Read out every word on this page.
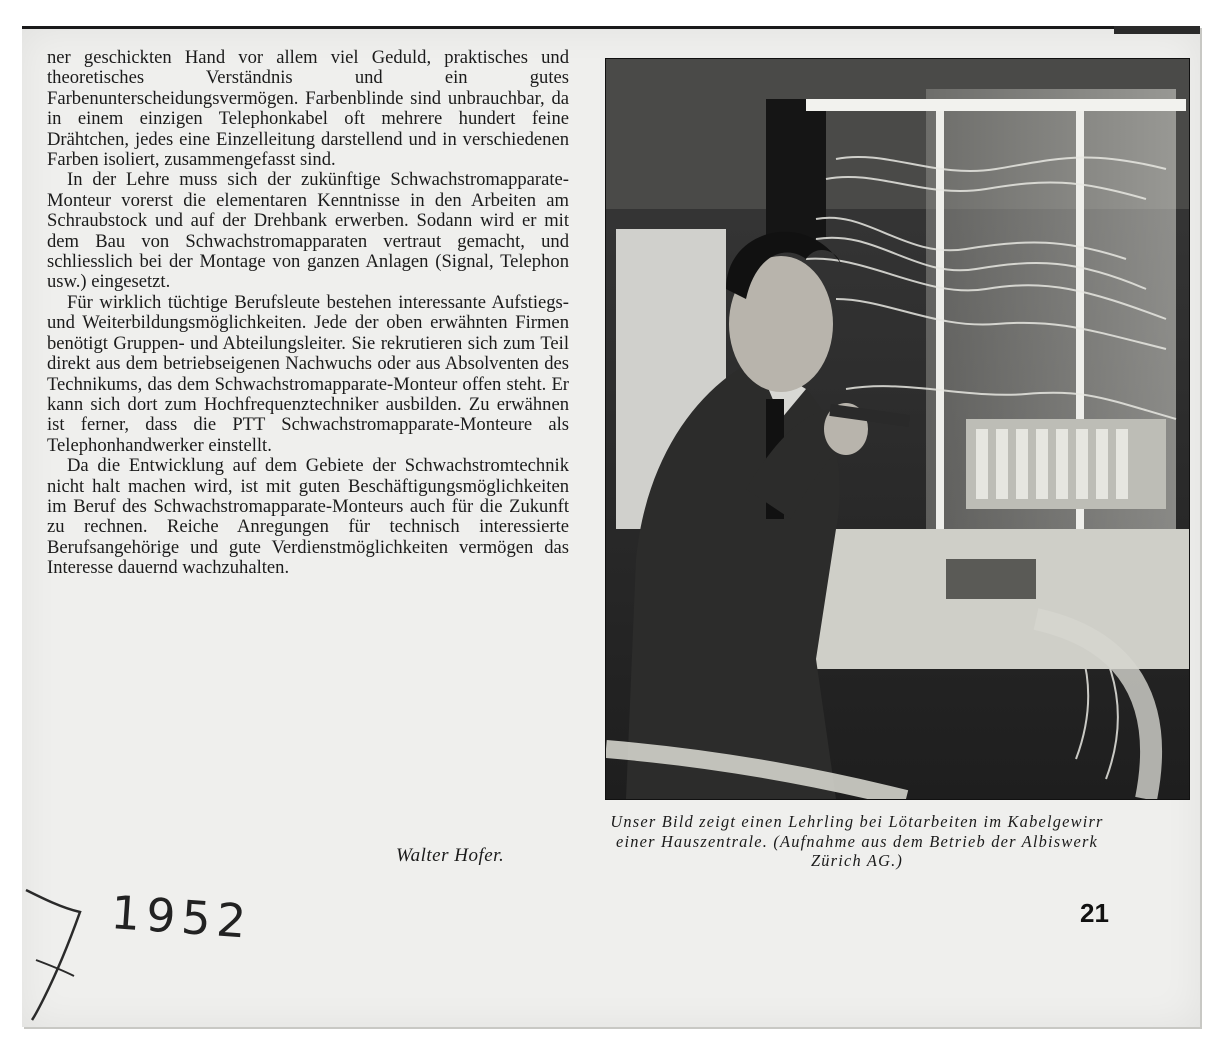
ner geschickten Hand vor allem viel Geduld, praktisches und theoretisches Verständnis und ein gutes Farbenunterscheidungsvermögen. Farbenblinde sind unbrauchbar, da in einem einzigen Telephonkabel oft mehrere hundert feine Drähtchen, jedes eine Einzelleitung darstellend und in verschiedenen Farben isoliert, zusammengefasst sind.

In der Lehre muss sich der zukünftige Schwachstromapparate-Monteur vorerst die elementaren Kenntnisse in den Arbeiten am Schraubstock und auf der Drehbank erwerben. Sodann wird er mit dem Bau von Schwachstromapparaten vertraut gemacht, und schliesslich bei der Montage von ganzen Anlagen (Signal, Telephon usw.) eingesetzt.

Für wirklich tüchtige Berufsleute bestehen interessante Aufstiegs- und Weiterbildungsmöglichkeiten. Jede der oben erwähnten Firmen benötigt Gruppen- und Abteilungsleiter. Sie rekrutieren sich zum Teil direkt aus dem betriebseigenen Nachwuchs oder aus Absolventen des Technikums, das dem Schwachstromapparate-Monteur offen steht. Er kann sich dort zum Hochfrequenztechniker ausbilden. Zu erwähnen ist ferner, dass die PTT Schwachstromapparate-Monteure als Telephonhandwerker einstellt.

Da die Entwicklung auf dem Gebiete der Schwachstromtechnik nicht halt machen wird, ist mit guten Beschäftigungsmöglichkeiten im Beruf des Schwachstromapparate-Monteurs auch für die Zukunft zu rechnen. Reiche Anregungen für technisch interessierte Berufsangehörige und gute Verdienstmöglichkeiten vermögen das Interesse dauernd wachzuhalten.

Walter Hofer.
Unser Bild zeigt einen Lehrling bei Lötarbeiten im Kabelgewirr einer Hauszentrale. (Aufnahme aus dem Betrieb der Albiswerk Zürich AG.)
1952	21
